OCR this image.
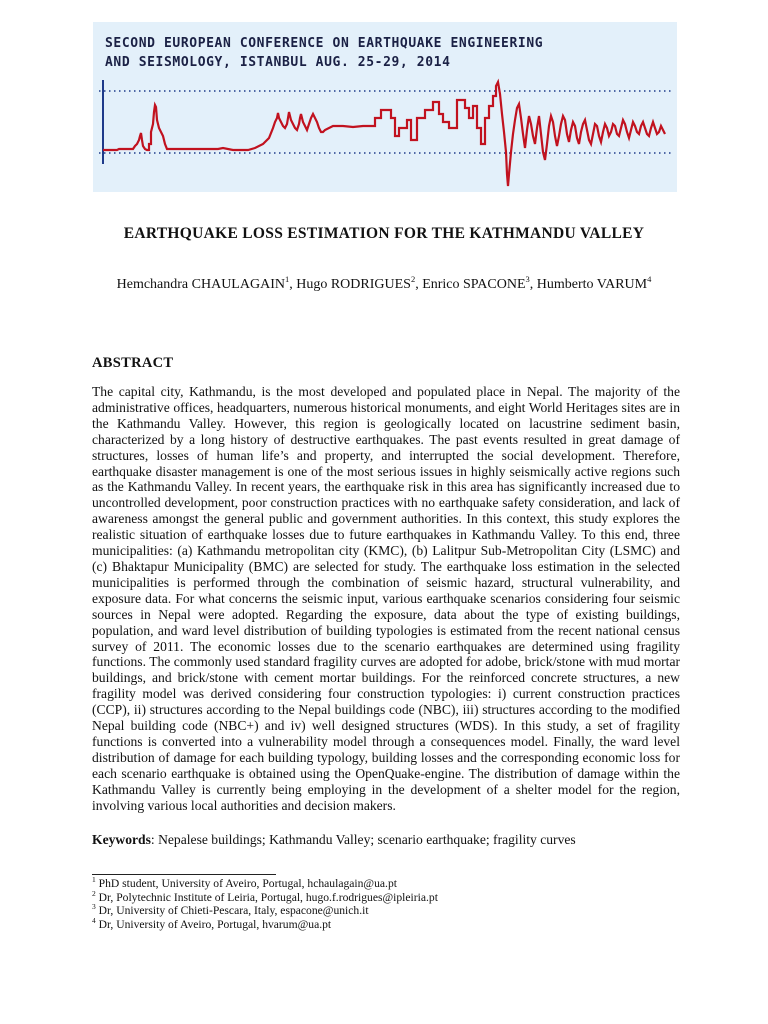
SECOND EUROPEAN CONFERENCE ON EARTHQUAKE ENGINEERING
AND SEISMOLOGY, ISTANBUL AUG. 25-29, 2014
EARTHQUAKE LOSS ESTIMATION FOR THE KATHMANDU VALLEY
Hemchandra CHAULAGAIN$^1$, Hugo RODRIGUES$^2$, Enrico SPACONE$^3$, Humberto VARUM$^4$
ABSTRACT

The capital city, Kathmandu, is the most developed and populated place in Nepal. The majority of the administrative offices, headquarters, numerous historical monuments, and eight World Heritages sites are in the Kathmandu Valley. However, this region is geologically located on lacustrine sediment basin, characterized by a long history of destructive earthquakes. The past events resulted in great damage of structures, losses of human life’s and property, and interrupted the social development. Therefore, earthquake disaster management is one of the most serious issues in highly seismically active regions such as the Kathmandu Valley. In recent years, the earthquake risk in this area has significantly increased due to uncontrolled development, poor construction practices with no earthquake safety consideration, and lack of awareness amongst the general public and government authorities. In this context, this study explores the realistic situation of earthquake losses due to future earthquakes in Kathmandu Valley. To this end, three municipalities: (a) Kathmandu metropolitan city (KMC), (b) Lalitpur Sub-Metropolitan City (LSMC) and (c) Bhaktapur Municipality (BMC) are selected for study. The earthquake loss estimation in the selected municipalities is performed through the combination of seismic hazard, structural vulnerability, and exposure data. For what concerns the seismic input, various earthquake scenarios considering four seismic sources in Nepal were adopted. Regarding the exposure, data about the type of existing buildings, population, and ward level distribution of building typologies is estimated from the recent national census survey of 2011. The economic losses due to the scenario earthquakes are determined using fragility functions. The commonly used standard fragility curves are adopted for adobe, brick/stone with mud mortar buildings, and brick/stone with cement mortar buildings. For the reinforced concrete structures, a new fragility model was derived considering four construction typologies: i) current construction practices (CCP), ii) structures according to the Nepal buildings code (NBC), iii) structures according to the modified Nepal building code (NBC+) and iv) well designed structures (WDS). In this study, a set of fragility functions is converted into a vulnerability model through a consequences model. Finally, the ward level distribution of damage for each building typology, building losses and the corresponding economic loss for each scenario earthquake is obtained using the OpenQuake-engine. The distribution of damage within the Kathmandu Valley is currently being employing in the development of a shelter model for the region, involving various local authorities and decision makers.

Keywords: Nepalese buildings; Kathmandu Valley; scenario earthquake; fragility curves
$^1$ PhD student, University of Aveiro, Portugal, hchaulagain@ua.pt
$^2$ Dr, Polytechnic Institute of Leiria, Portugal, hugo.f.rodrigues@ipleiria.pt
$^3$ Dr, University of Chieti-Pescara, Italy, espacone@unich.it
$^4$ Dr, University of Aveiro, Portugal, hvarum@ua.pt
